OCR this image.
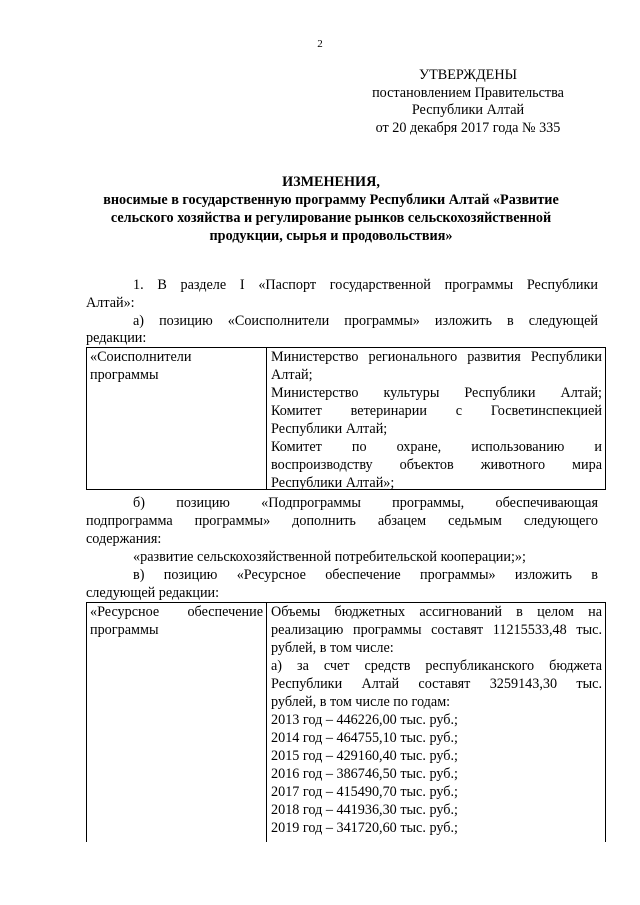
2
УТВЕРЖДЕНЫ
постановлением Правительства
Республики Алтай
от 20 декабря 2017 года № 335
ИЗМЕНЕНИЯ,
вносимые в государственную программу Республики Алтай «Развитие
сельского хозяйства и регулирование рынков сельскохозяйственной
продукции, сырья и продовольствия»
1. В разделе I «Паспорт государственной программы Республики
Алтай»:
а) позицию «Соисполнители программы» изложить в следующей
редакции:
«Соисполнители
программы
Министерство регионального развития Республики
Алтай;
Министерство культуры Республики Алтай;
Комитет ветеринарии с Госветинспекцией
Республики Алтай;
Комитет по охране, использованию и
воспроизводству объектов животного мира
Республики Алтай»;
б) позицию «Подпрограммы программы, обеспечивающая
подпрограмма программы» дополнить абзацем седьмым следующего
содержания:
«развитие сельскохозяйственной потребительской кооперации;»;
в) позицию «Ресурсное обеспечение программы» изложить в
следующей редакции:
«Ресурсное обеспечение
программы
Объемы бюджетных ассигнований в целом на
реализацию программы составят 11215533,48 тыс.
рублей, в том числе:
а) за счет средств республиканского бюджета
Республики Алтай составят 3259143,30 тыс.
рублей, в том числе по годам:
2013 год – 446226,00 тыс. руб.;
2014 год – 464755,10 тыс. руб.;
2015 год – 429160,40 тыс. руб.;
2016 год – 386746,50 тыс. руб.;
2017 год – 415490,70 тыс. руб.;
2018 год – 441936,30 тыс. руб.;
2019 год – 341720,60 тыс. руб.;
